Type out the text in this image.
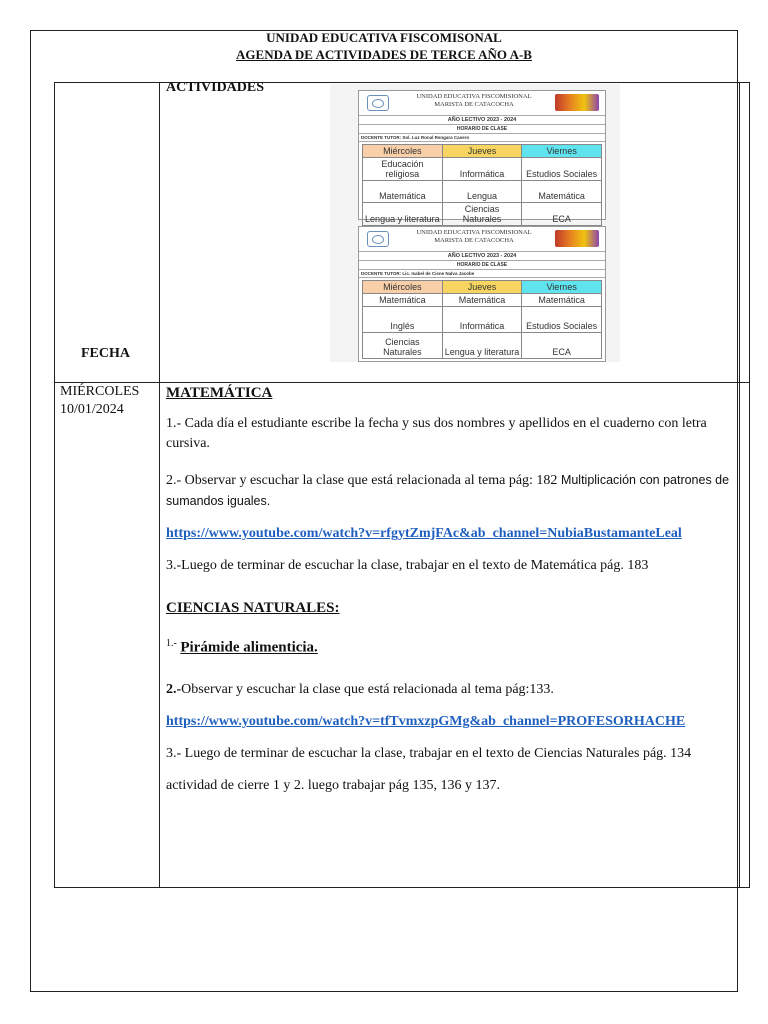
UNIDAD EDUCATIVA FISCOMISONAL
AGENDA DE ACTIVIDADES DE TERCE AÑO A-B
ACTIVIDADES
FECHA
UNIDAD EDUCATIVA FISCOMISIONAL
MARISTA DE CATACOCHA
AÑO LECTIVO 2023 - 2024
HORARIO DE CLASE
DOCENTE TUTOR: Sol. Luz Ronal Rengara Casero
Miércoles	Jueves	Viernes
Educación religiosa	Informática	Estudios Sociales
Matemática	Lengua	Matemática
Lengua y literatura	Ciencias Naturales	ECA
UNIDAD EDUCATIVA FISCOMISIONAL
MARISTA DE CATACOCHA
AÑO LECTIVO 2023 - 2024
HORARIO DE CLASE
DOCENTE TUTOR: Lic. Isabel de Cisne Nalva Jacobe
Miércoles	Jueves	Viernes
Matemática	Matemática	Matemática
Inglés	Informática	Estudios Sociales
Ciencias Naturales	Lengua y literatura	ECA
MIÉRCOLES
10/01/2024
MATEMÁTICA
1.- Cada día el estudiante escribe la fecha y sus dos nombres y apellidos en el cuaderno con letra cursiva.
2.- Observar y escuchar la clase que está relacionada al tema pág: 182 Multiplicación con patrones de sumandos iguales.
https://www.youtube.com/watch?v=rfgytZmjFAc&ab_channel=NubiaBustamanteLeal
3.-Luego de terminar de escuchar la clase, trabajar en el texto de Matemática pág. 183
CIENCIAS NATURALES:
$^{1.-}$ Pirámide alimenticia.
2.-Observar y escuchar la clase que está relacionada al tema pág:133.
https://www.youtube.com/watch?v=tfTvmxzpGMg&ab_channel=PROFESORHACHE
3.- Luego de terminar de escuchar la clase, trabajar en el texto de Ciencias Naturales pág. 134
actividad de cierre 1 y 2. luego trabajar pág 135, 136 y 137.
